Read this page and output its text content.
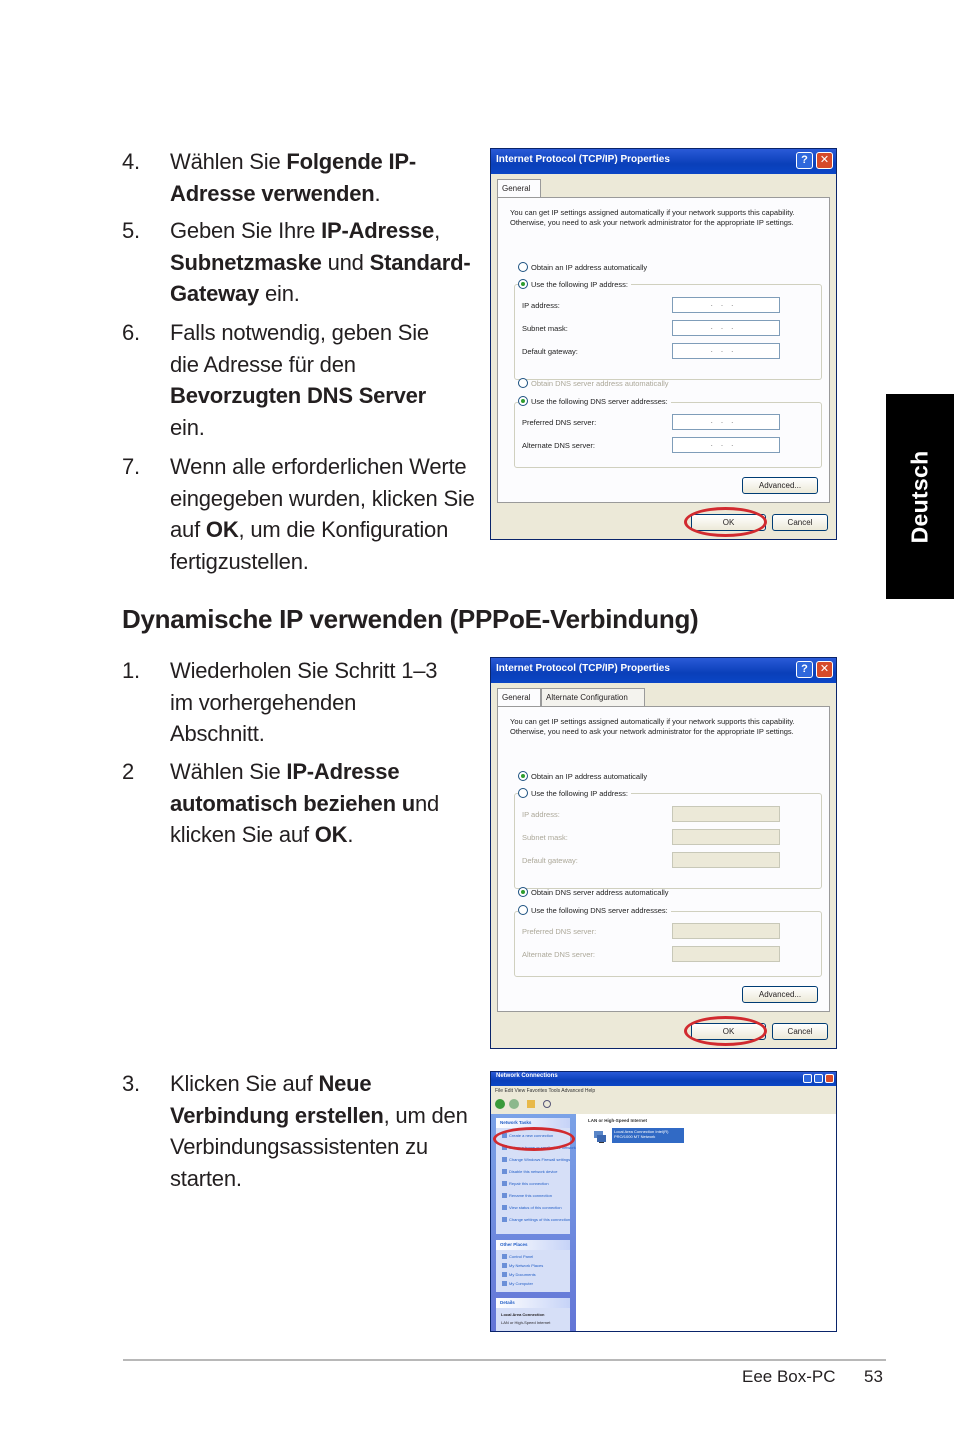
Deutsch
4. Wählen Sie Folgende IP-Adresse verwenden.
5. Geben Sie Ihre IP-Adresse, Subnetzmaske und Standard-Gateway ein.
6. Falls notwendig, geben Sie die Adresse für den Bevorzugten DNS Server ein.
7. Wenn alle erforderlichen Werte eingegeben wurden, klicken Sie auf OK, um die Konfiguration fertigzustellen.
Internet Protocol (TCP/IP) Properties	?	✕
General
You can get IP settings assigned automatically if your network supports this capability. Otherwise, you need to ask your network administrator for the appropriate IP settings.
Obtain an IP address automatically
Use the following IP address:
IP address:	...
Subnet mask:	...
Default gateway:	...
Obtain DNS server address automatically
Use the following DNS server addresses:
Preferred DNS server:	...
Alternate DNS server:	...
Advanced...
OK	Cancel
Dynamische IP verwenden (PPPoE-Verbindung)
1. Wiederholen Sie Schritt 1–3 im vorhergehenden Abschnitt.
2 Wählen Sie IP-Adresse automatisch beziehen und klicken Sie auf OK.
Internet Protocol (TCP/IP) Properties	?	✕
General	Alternate Configuration
You can get IP settings assigned automatically if your network supports this capability. Otherwise, you need to ask your network administrator for the appropriate IP settings.
Obtain an IP address automatically
Use the following IP address:
IP address:
Subnet mask:
Default gateway:
Obtain DNS server address automatically
Use the following DNS server addresses:
Preferred DNS server:
Alternate DNS server:
Advanced...
OK	Cancel
3. Klicken Sie auf Neue Verbindung erstellen, um den Verbindungsassistenten zu starten.
Network Connections
File Edit View Favorites Tools Advanced Help
Network Tasks
Create a new connection
Set up a home or small office network
Change Windows Firewall settings
Disable this network device
Repair this connection
Rename this connection
View status of this connection
Change settings of this connection
Other Places
Control Panel
My Network Places
My Documents
My Computer
Details
Local Area Connection
LAN or High-Speed Internet
LAN or High-Speed Internet
Local Area Connection Intel(R) PRO/1000 MT Network
Eee Box-PC 53
